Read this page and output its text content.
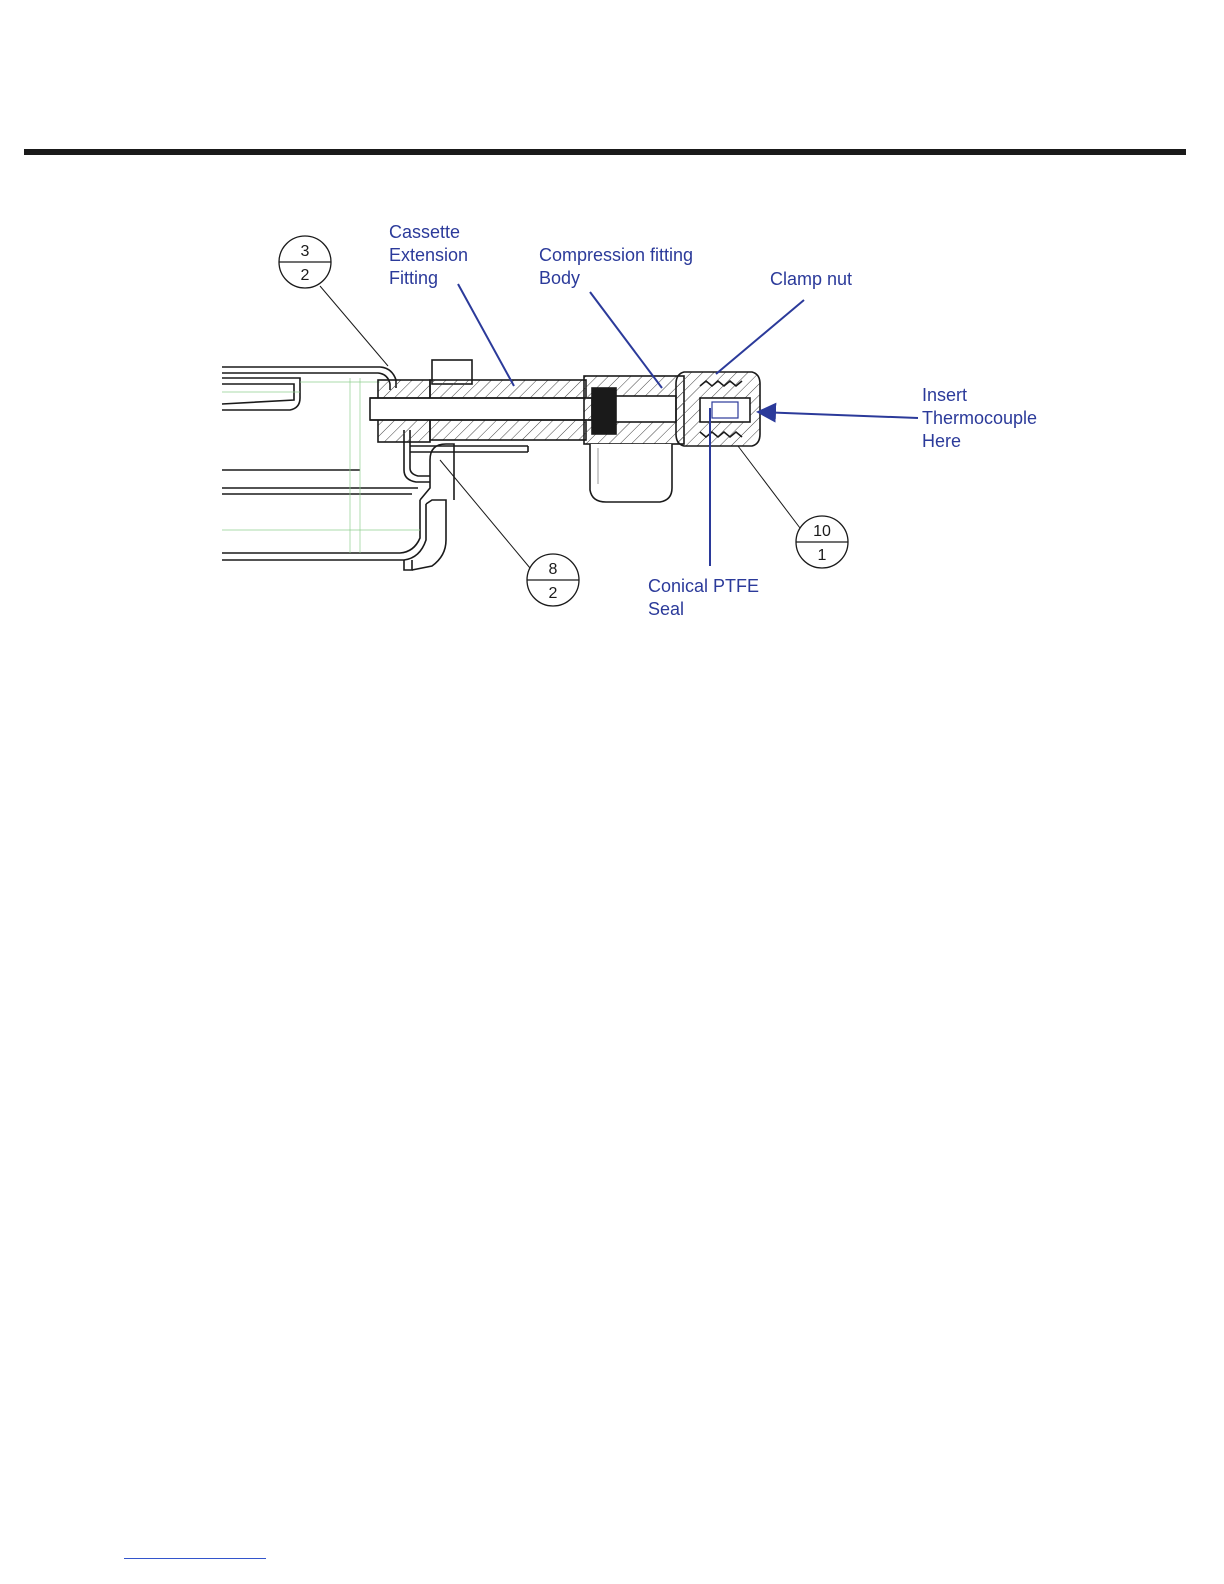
3
2
8
2
10
1
Cassette
Extension
Fitting
Compression fitting
Body	Clamp nut
Insert
Thermocouple
Here
Conical PTFE
Seal
